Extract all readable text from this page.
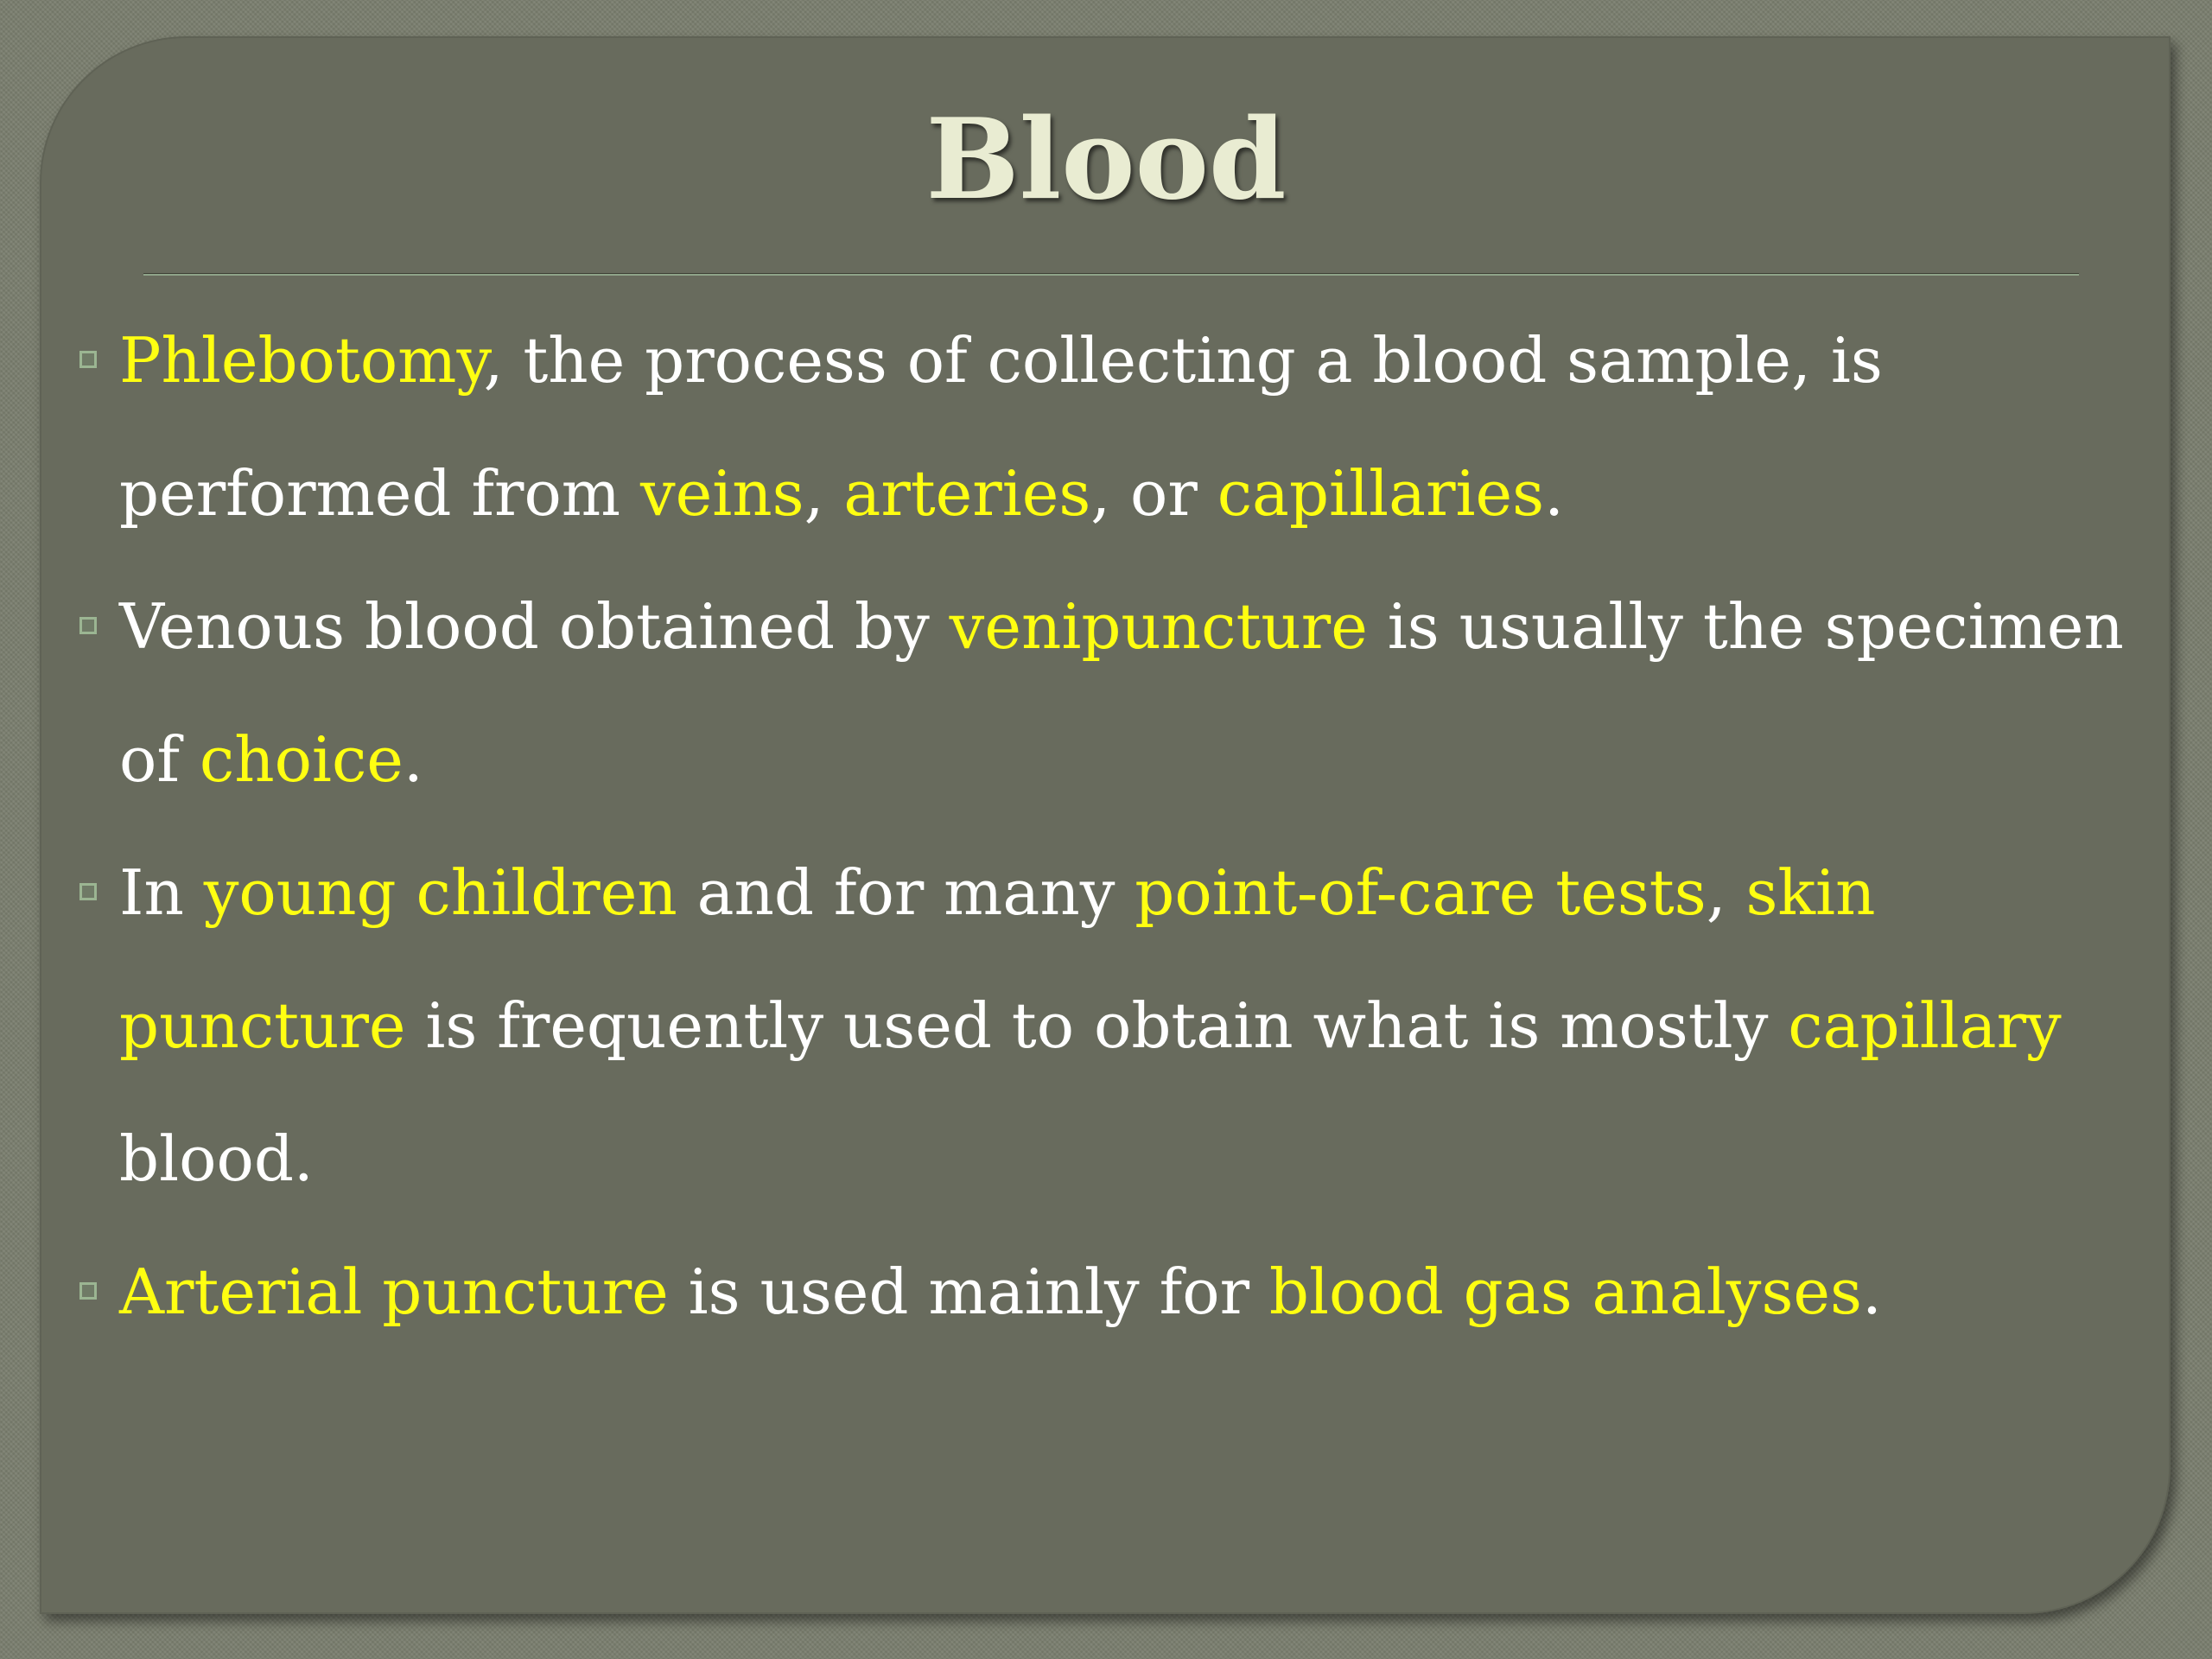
Blood
Phlebotomy, the process of collecting a blood sample, is performed from veins, arteries, or capillaries.
Venous blood obtained by venipuncture is usually the specimen of choice.
In young children and for many point-of-care tests, skin puncture is frequently used to obtain what is mostly capillary blood.
Arterial puncture is used mainly for blood gas analyses.
